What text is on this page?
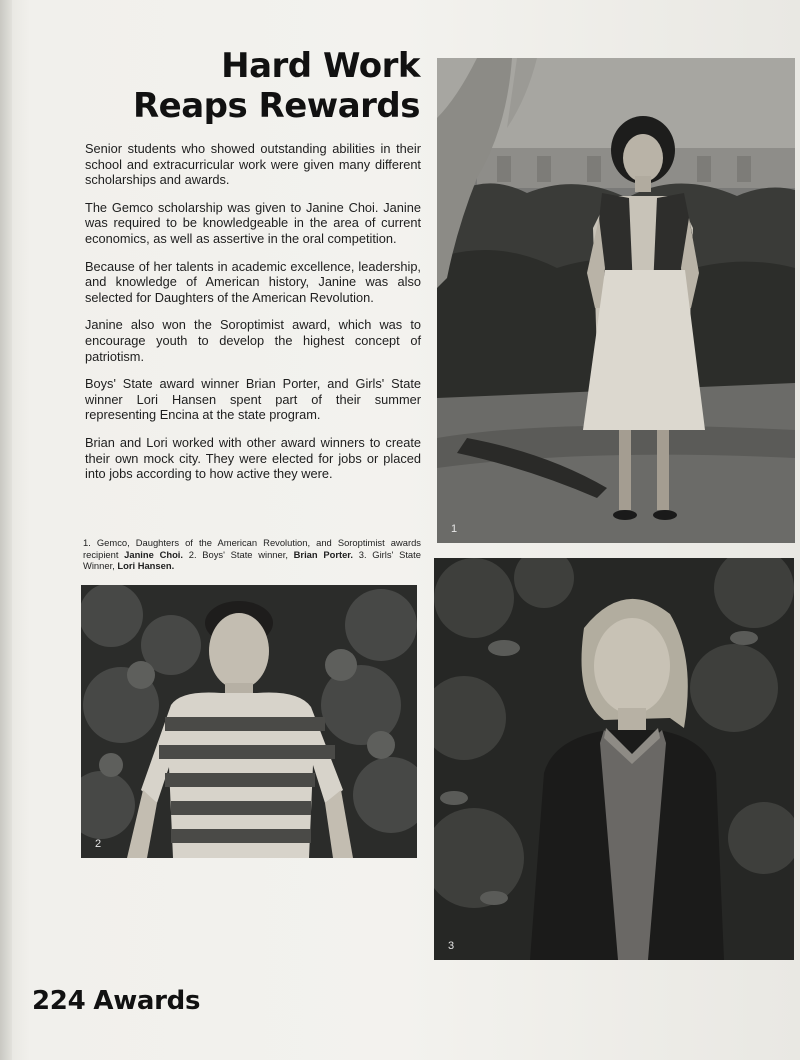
Hard Work
Reaps Rewards

Senior students who showed outstanding abilities in their school and extracurricular work were given many different scholarships and awards.

The Gemco scholarship was given to Janine Choi. Janine was required to be knowledgeable in the area of current economics, as well as assertive in the oral competition.

Because of her talents in academic excellence, leadership, and knowledge of American history, Janine was also selected for Daughters of the American Revolution.

Janine also won the Soroptimist award, which was to encourage youth to develop the highest concept of patriotism.

Boys' State award winner Brian Porter, and Girls' State winner Lori Hansen spent part of their summer representing Encina at the state program.

Brian and Lori worked with other award winners to create their own mock city. They were elected for jobs or placed into jobs according to how active they were.

1. Gemco, Daughters of the American Revolution, and Soroptimist awards recipient Janine Choi. 2. Boys' State winner, Brian Porter. 3. Girls' State Winner, Lori Hansen.
1
2
3
224 Awards
